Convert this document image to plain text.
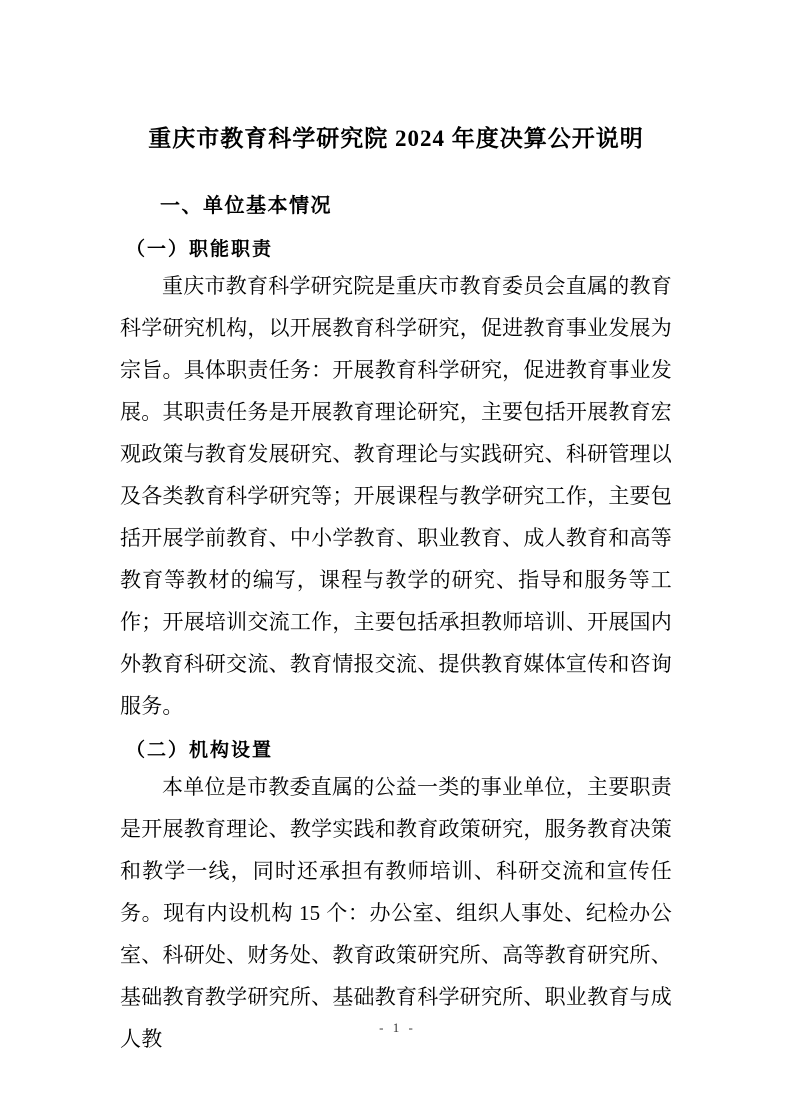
重庆市教育科学研究院 2024 年度决算公开说明
一、单位基本情况
（一）职能职责

重庆市教育科学研究院是重庆市教育委员会直属的教育科学研究机构，以开展教育科学研究，促进教育事业发展为宗旨。具体职责任务：开展教育科学研究，促进教育事业发展。其职责任务是开展教育理论研究，主要包括开展教育宏观政策与教育发展研究、教育理论与实践研究、科研管理以及各类教育科学研究等；开展课程与教学研究工作，主要包括开展学前教育、中小学教育、职业教育、成人教育和高等教育等教材的编写，课程与教学的研究、指导和服务等工作；开展培训交流工作，主要包括承担教师培训、开展国内外教育科研交流、教育情报交流、提供教育媒体宣传和咨询服务。

（二）机构设置

本单位是市教委直属的公益一类的事业单位，主要职责是开展教育理论、教学实践和教育政策研究，服务教育决策和教学一线，同时还承担有教师培训、科研交流和宣传任务。现有内设机构 15 个：办公室、组织人事处、纪检办公室、科研处、财务处、教育政策研究所、高等教育研究所、基础教育教学研究所、基础教育科学研究所、职业教育与成人教	- 1 -
